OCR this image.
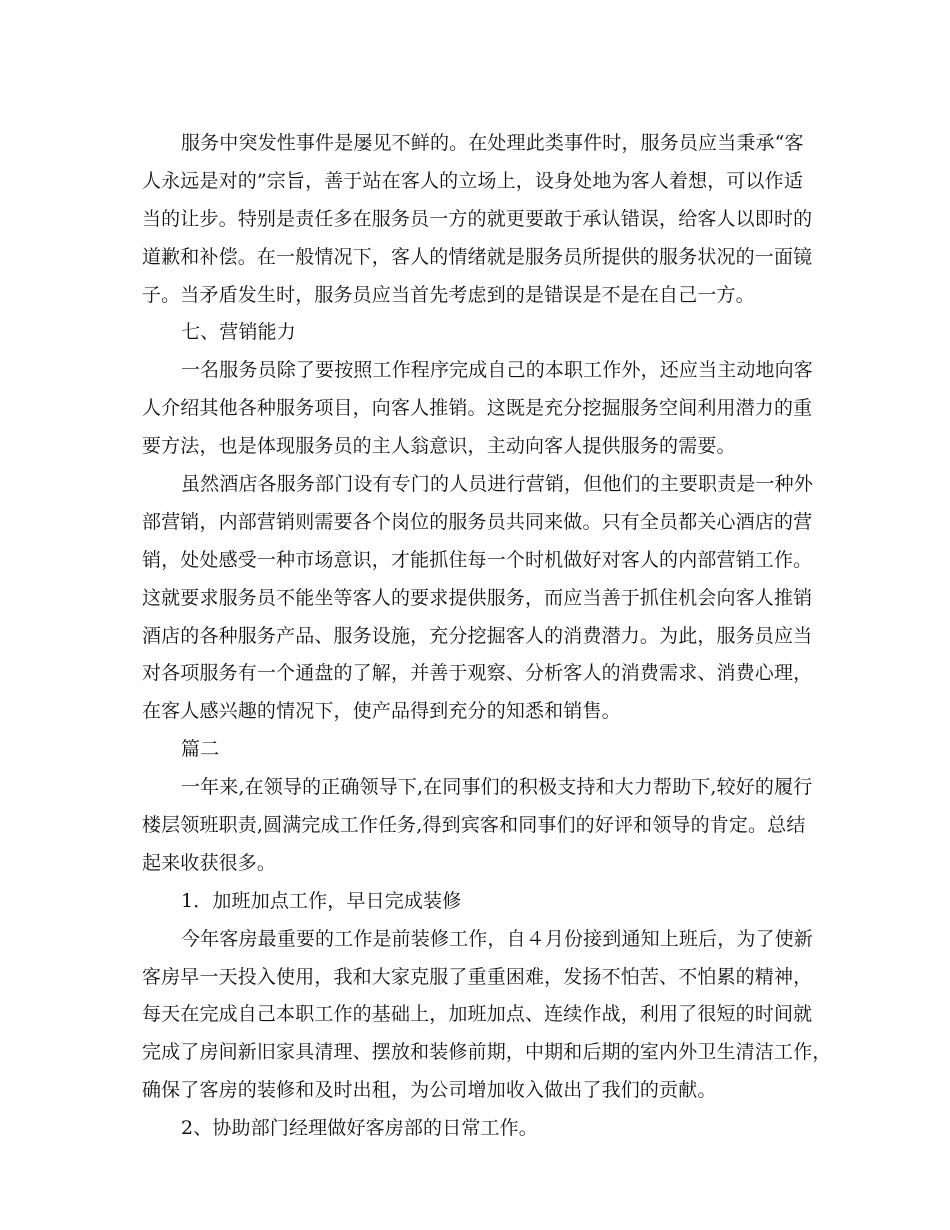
服务中突发性事件是屡见不鲜的。在处理此类事件时，服务员应当秉承“客
人永远是对的”宗旨，善于站在客人的立场上，设身处地为客人着想，可以作适
当的让步。特别是责任多在服务员一方的就更要敢于承认错误，给客人以即时的
道歉和补偿。在一般情况下，客人的情绪就是服务员所提供的服务状况的一面镜
子。当矛盾发生时，服务员应当首先考虑到的是错误是不是在自己一方。
七、营销能力
一名服务员除了要按照工作程序完成自己的本职工作外，还应当主动地向客
人介绍其他各种服务项目，向客人推销。这既是充分挖掘服务空间利用潜力的重
要方法，也是体现服务员的主人翁意识，主动向客人提供服务的需要。
虽然酒店各服务部门设有专门的人员进行营销，但他们的主要职责是一种外
部营销，内部营销则需要各个岗位的服务员共同来做。只有全员都关心酒店的营
销，处处感受一种市场意识，才能抓住每一个时机做好对客人的内部营销工作。
这就要求服务员不能坐等客人的要求提供服务，而应当善于抓住机会向客人推销
酒店的各种服务产品、服务设施，充分挖掘客人的消费潜力。为此，服务员应当
对各项服务有一个通盘的了解，并善于观察、分析客人的消费需求、消费心理，
在客人感兴趣的情况下，使产品得到充分的知悉和销售。
篇二
一年来,在领导的正确领导下,在同事们的积极支持和大力帮助下,较好的履行
楼层领班职责,圆满完成工作任务,得到宾客和同事们的好评和领导的肯定。总结
起来收获很多。
1．加班加点工作，早日完成装修
今年客房最重要的工作是前装修工作，自４月份接到通知上班后，为了使新
客房早一天投入使用，我和大家克服了重重困难，发扬不怕苦、不怕累的精神，
每天在完成自己本职工作的基础上，加班加点、连续作战，利用了很短的时间就
完成了房间新旧家具清理、摆放和装修前期，中期和后期的室内外卫生清洁工作，
确保了客房的装修和及时出租，为公司增加收入做出了我们的贡献。
2、协助部门经理做好客房部的日常工作。
